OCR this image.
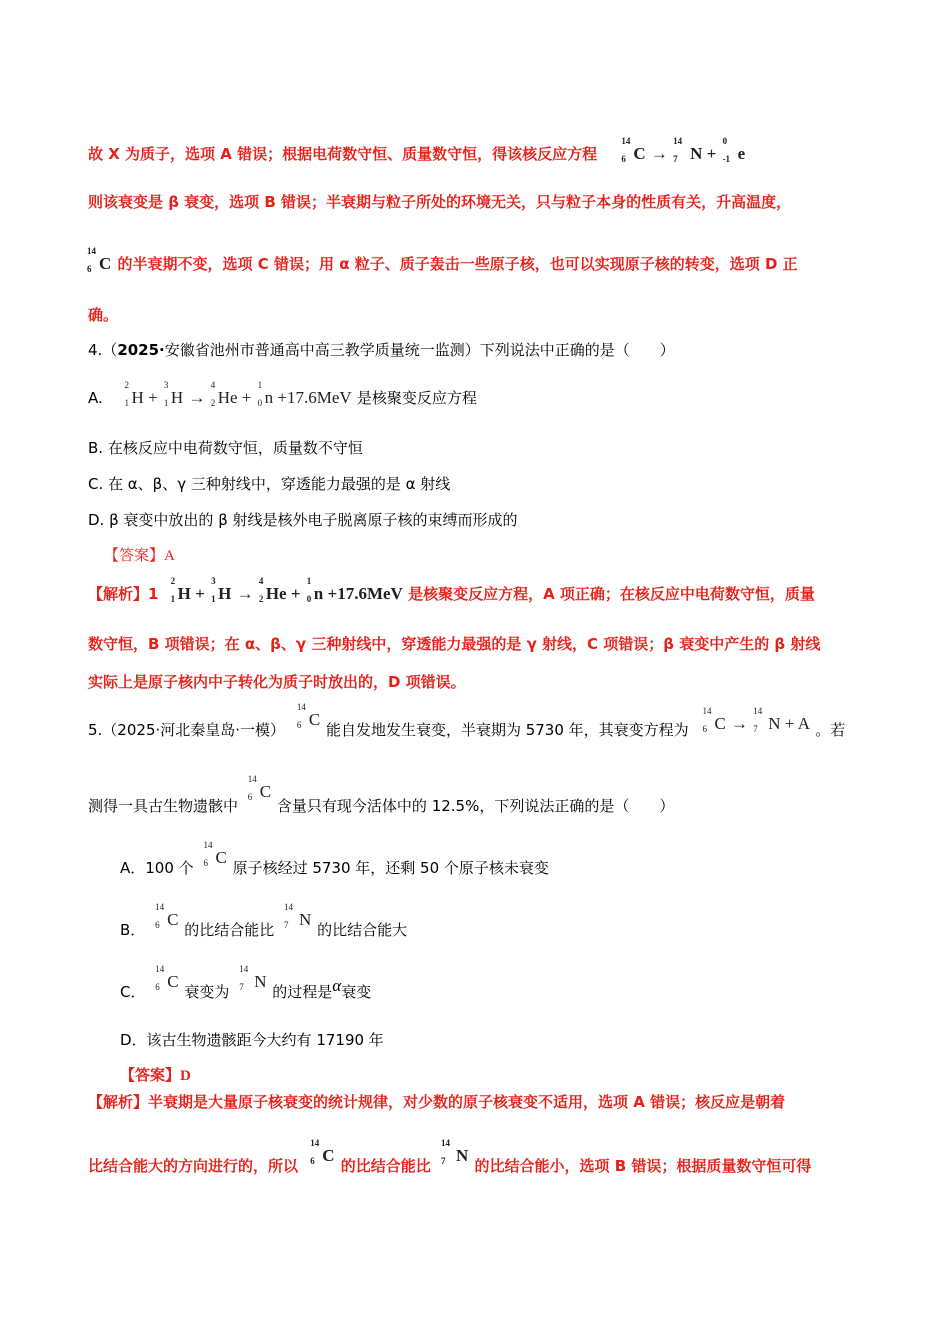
故 X 为质子，选项 A 错误；根据电荷数守恒、质量数守恒，得该核反应方程
14
6 C →
14
7 N +
0
-1 e
则该衰变是 β 衰变，选项 B 错误；半衰期与粒子所处的环境无关，只与粒子本身的性质有关，升高温度，
14
6 C 的半衰期不变，选项 C 错误；用 α 粒子、质子轰击一些原子核，也可以实现原子核的转变，选项 D 正
确。
4.（2025·安徽省池州市普通高中高三教学质量统一监测）下列说法中正确的是（　　）
A.
2
1 H +
3
1 H →
4
2 He +
1
0 n +17.6MeV 是核聚变反应方程
B. 在核反应中电荷数守恒，质量数不守恒
C. 在 α、β、γ 三种射线中，穿透能力最强的是 α 射线
D. β 衰变中放出的 β 射线是核外电子脱离原子核的束缚而形成的
【答案】A
【解析】1
2
1 H +
3
1 H →
4
2 He +
1
0 n +17.6MeV 是核聚变反应方程，A 项正确；在核反应中电荷数守恒，质量
数守恒，B 项错误；在 α、β、γ 三种射线中，穿透能力最强的是 γ 射线，C 项错误；β 衰变中产生的 β 射线
实际上是原子核内中子转化为质子时放出的，D 项错误。
5.（2025·河北秦皇岛·一模）
14
6 C 能自发地发生衰变，半衰期为 5730 年，其衰变方程为
14
6 C →
14
7 N + A 。若
测得一具古生物遗骸中
14
6 C 含量只有现今活体中的 12.5%，下列说法正确的是（　　）
A．100 个
14
6 C 原子核经过 5730 年，还剩 50 个原子核未衰变
B．
14
6 C 的比结合能比
14
7 N 的比结合能大
C．
14
6 C 衰变为
14
7 N 的过程是α衰变
D．该古生物遗骸距今大约有 17190 年
【答案】D
【解析】半衰期是大量原子核衰变的统计规律，对少数的原子核衰变不适用，选项 A 错误；核反应是朝着
比结合能大的方向进行的，所以
14
6 C 的比结合能比
14
7 N 的比结合能小，选项 B 错误；根据质量数守恒可得
